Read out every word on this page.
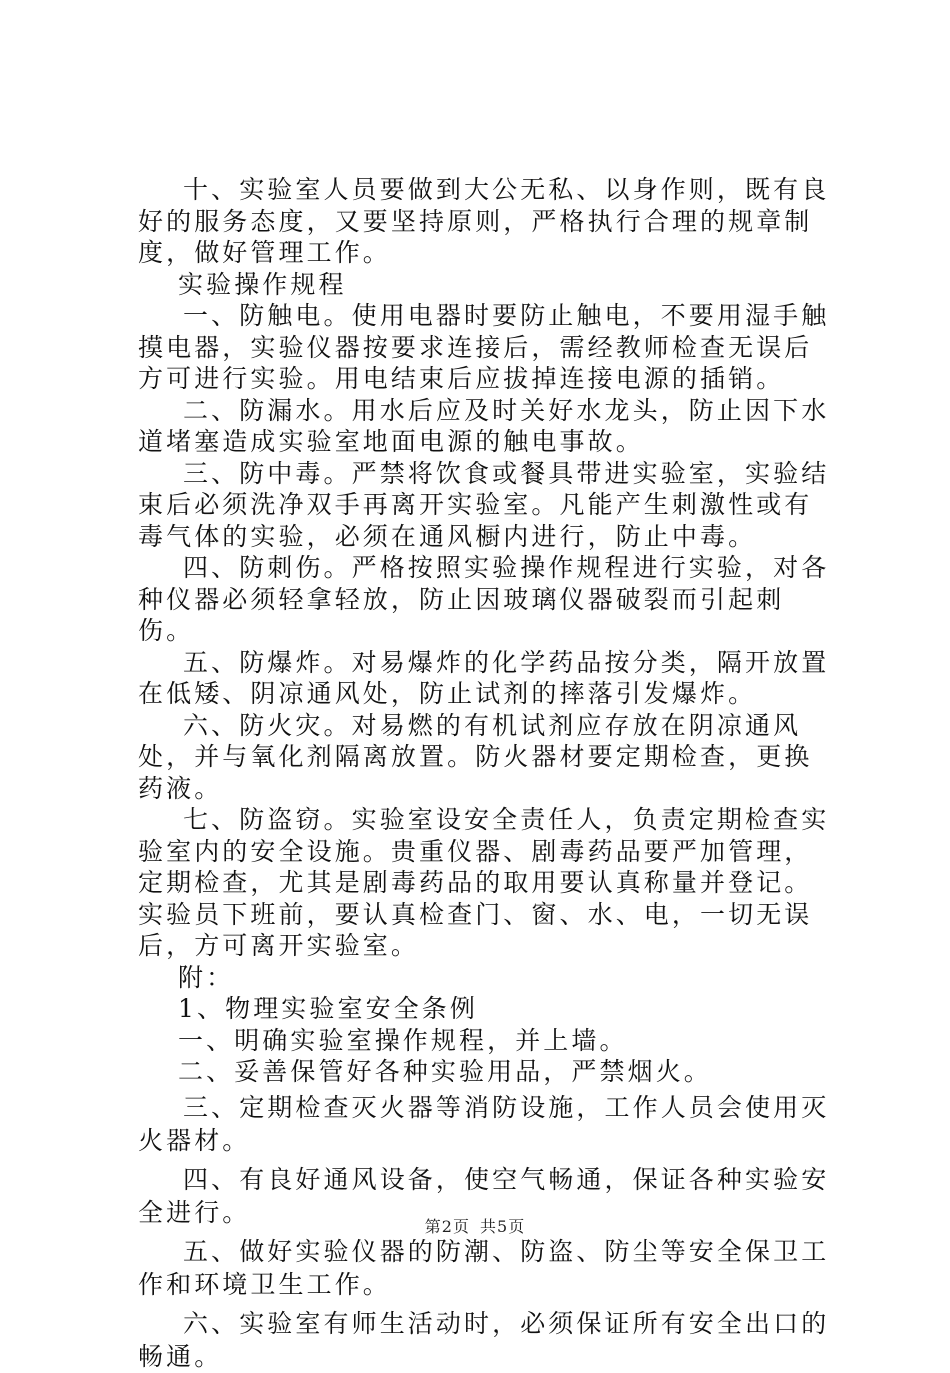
十、实验室人员要做到大公无私、以身作则，既有良好的服务态度，又要坚持原则，严格执行合理的规章制度，做好管理工作。

实验操作规程

一、防触电。使用电器时要防止触电，不要用湿手触摸电器，实验仪器按要求连接后，需经教师检查无误后方可进行实验。用电结束后应拔掉连接电源的插销。

二、防漏水。用水后应及时关好水龙头，防止因下水道堵塞造成实验室地面电源的触电事故。

三、防中毒。严禁将饮食或餐具带进实验室，实验结束后必须洗净双手再离开实验室。凡能产生刺激性或有毒气体的实验，必须在通风橱内进行，防止中毒。

四、防刺伤。严格按照实验操作规程进行实验，对各种仪器必须轻拿轻放，防止因玻璃仪器破裂而引起刺伤。

五、防爆炸。对易爆炸的化学药品按分类，隔开放置在低矮、阴凉通风处，防止试剂的摔落引发爆炸。

六、防火灾。对易燃的有机试剂应存放在阴凉通风处，并与氧化剂隔离放置。防火器材要定期检查，更换药液。

七、防盗窃。实验室设安全责任人，负责定期检查实验室内的安全设施。贵重仪器、剧毒药品要严加管理，定期检查，尤其是剧毒药品的取用要认真称量并登记。实验员下班前，要认真检查门、窗、水、电，一切无误后，方可离开实验室。

附：

1、物理实验室安全条例

一、明确实验室操作规程，并上墙。

二、妥善保管好各种实验用品，严禁烟火。

三、定期检查灭火器等消防设施，工作人员会使用灭火器材。

四、有良好通风设备，使空气畅通，保证各种实验安全进行。

五、做好实验仪器的防潮、防盗、防尘等安全保卫工作和环境卫生工作。

六、实验室有师生活动时，必须保证所有安全出口的畅通。

第2页 共5页
